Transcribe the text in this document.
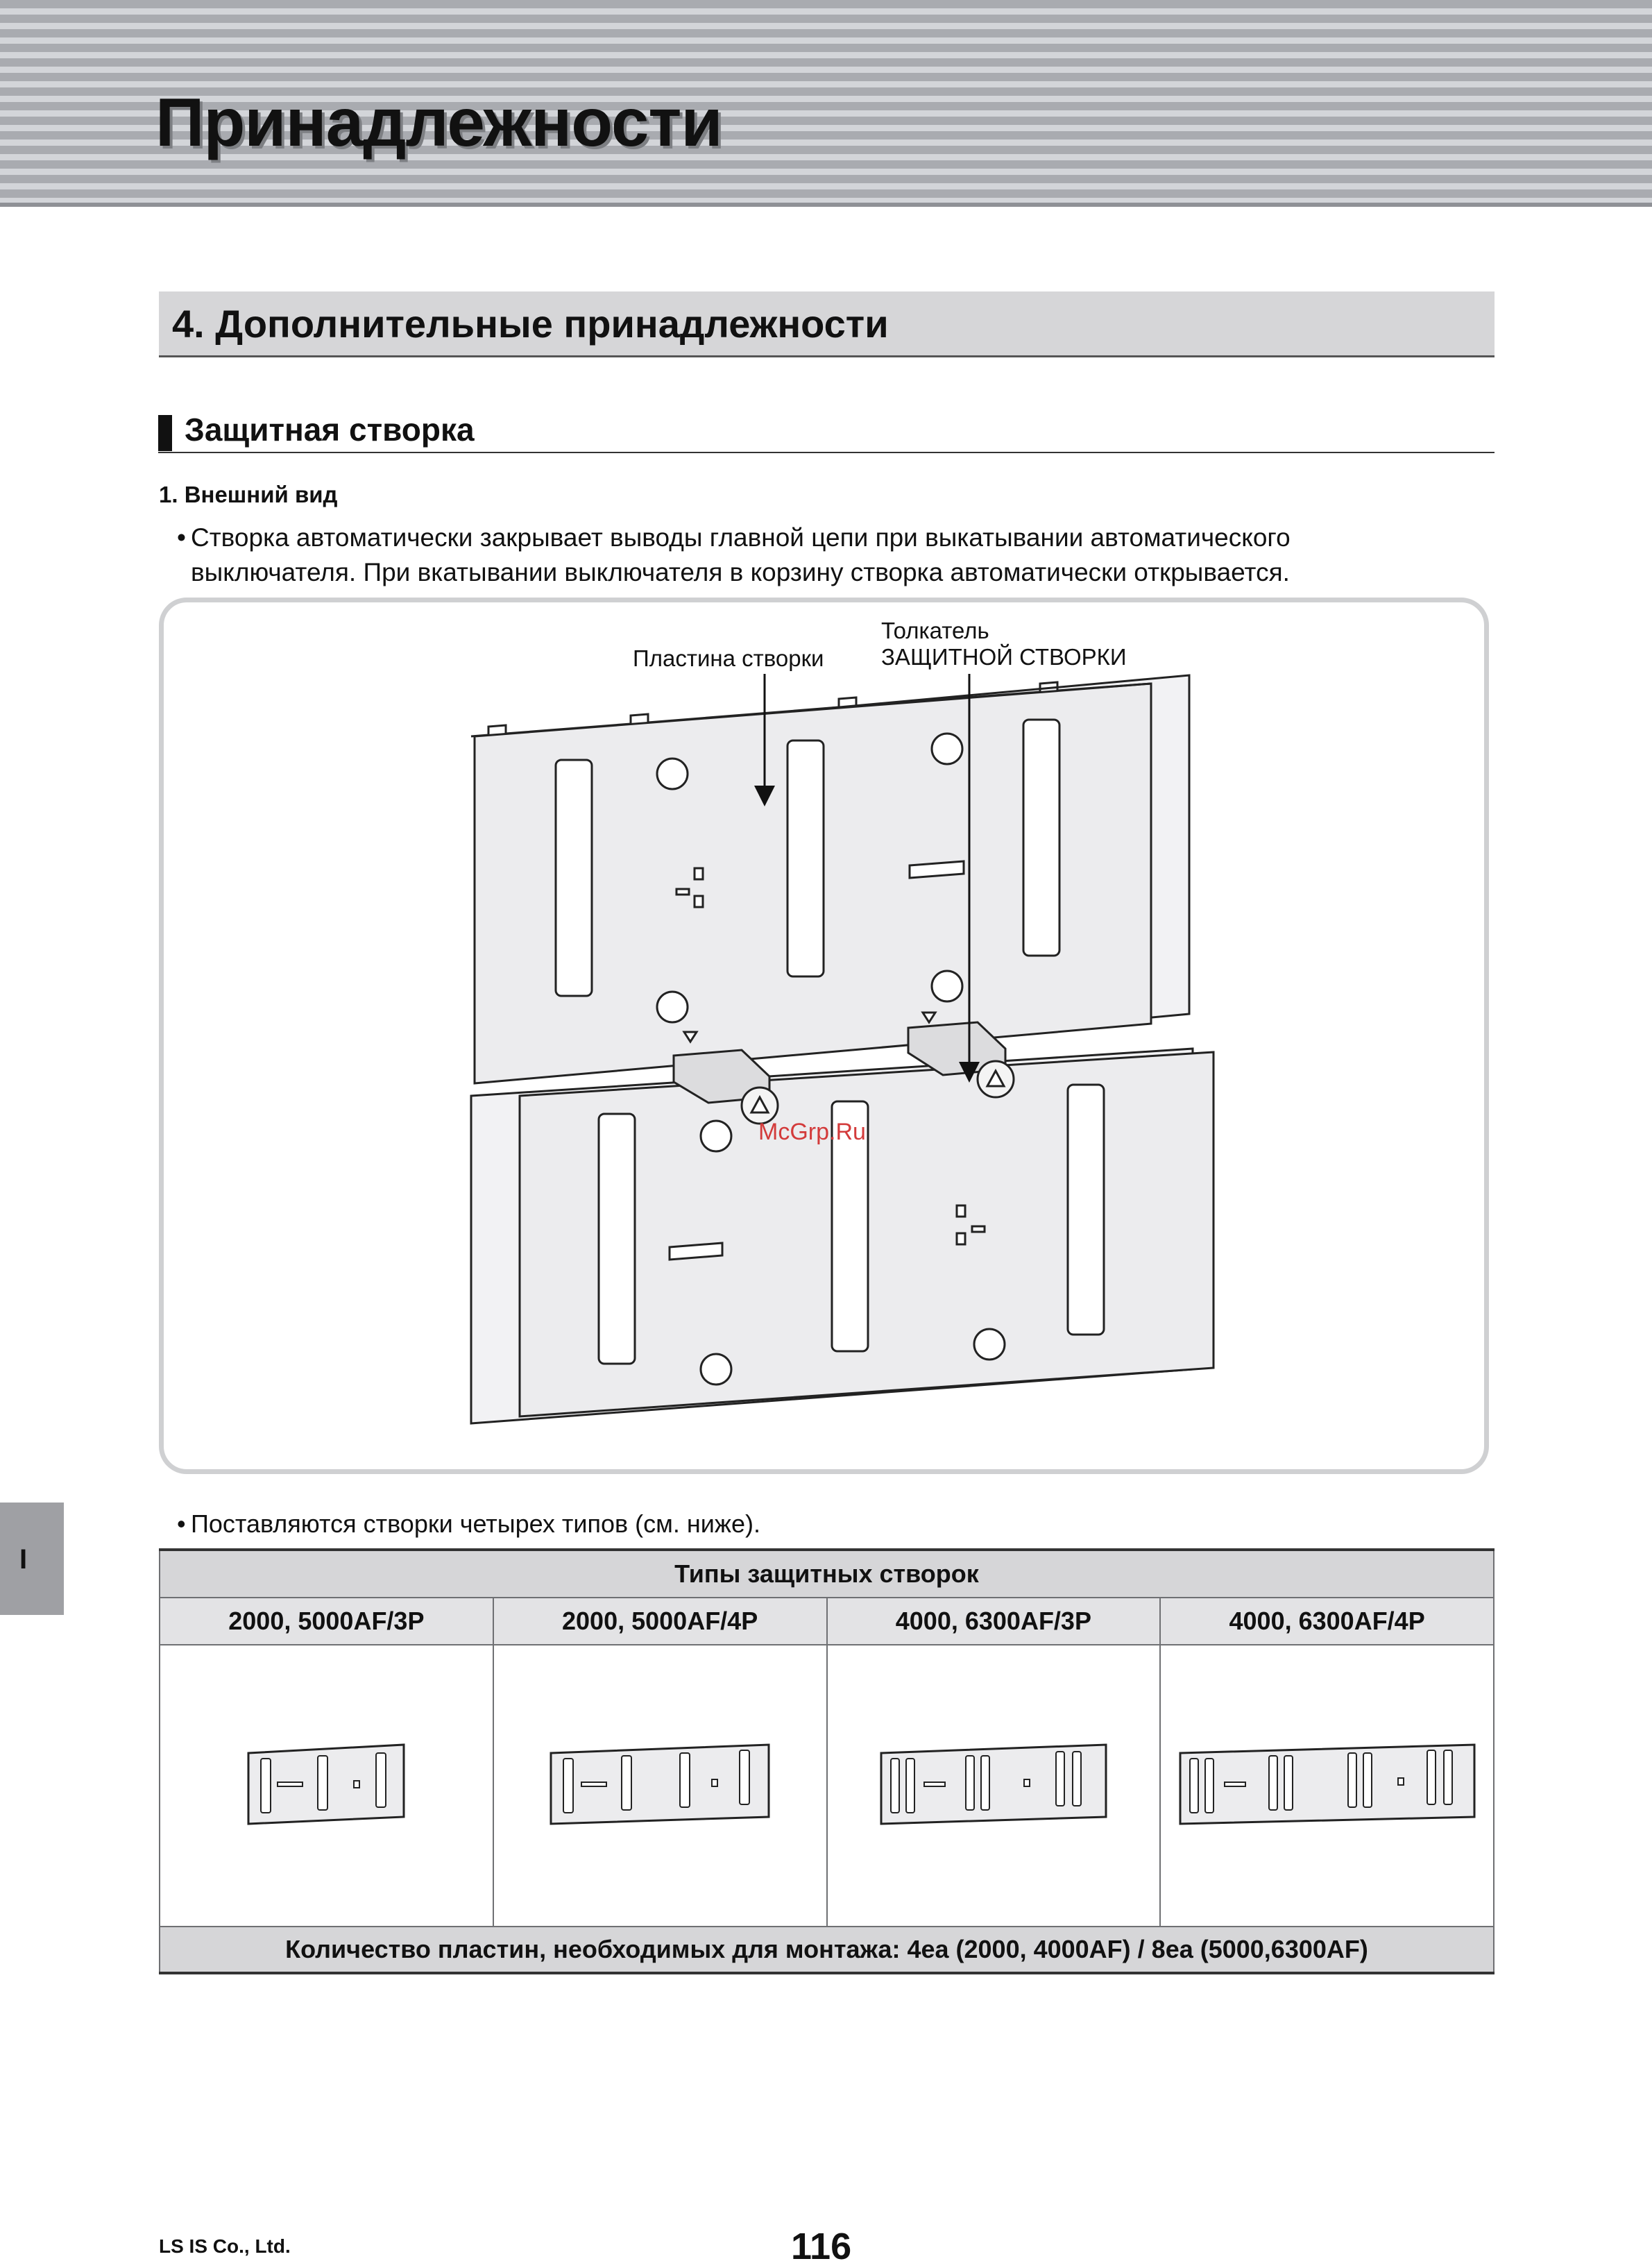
Принадлежности
4. Дополнительные принадлежности
Защитная створка
1. Внешний вид
• Створка автоматически закрывает выводы главной цепи при выкатывании автоматического
выключателя. При вкатывании выключателя в корзину створка автоматически открывается.
Пластина створки
Толкатель
ЗАЩИТНОЙ СТВОРКИ
McGrp.Ru
• Поставляются створки четырех типов (см. ниже).
Типы защитных створок			
2000, 5000AF/3P	2000, 5000AF/4P	4000, 6300AF/3P	4000, 6300AF/4P

Количество пластин, необходимых для монтажа: 4ea (2000, 4000AF) / 8ea (5000,6300AF)			
I
LS IS Co., Ltd.	116
